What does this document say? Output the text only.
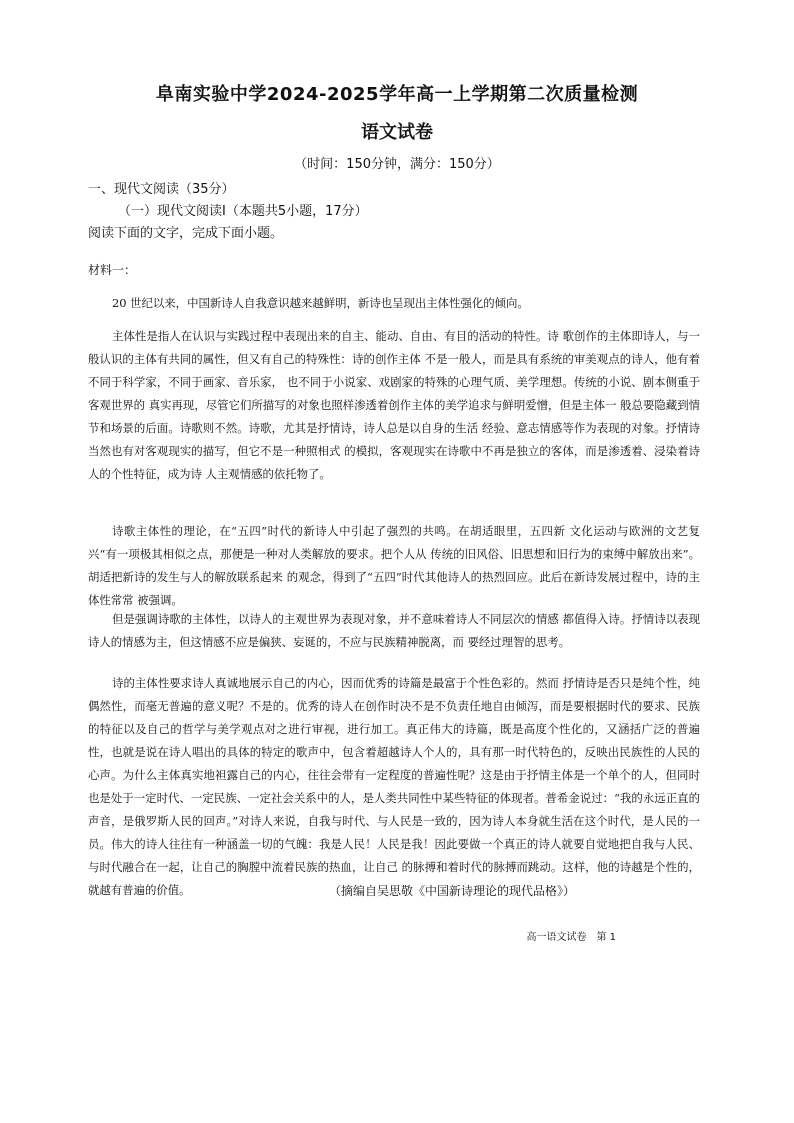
阜南实验中学2024-2025学年高一上学期第二次质量检测
语文试卷
（时间：150分钟，满分：150分）
一、现代文阅读（35分）
（一）现代文阅读Ⅰ（本题共5小题，17分）
阅读下面的文字，完成下面小题。
材料一：

20 世纪以来，中国新诗人自我意识越来越鲜明，新诗也呈现出主体性强化的倾向。

主体性是指人在认识与实践过程中表现出来的自主、能动、自由、有目的活动的特性。诗 歌创作的主体即诗人，与一般认识的主体有共同的属性，但又有自己的特殊性：诗的创作主体 不是一般人，而是具有系统的审美观点的诗人，他有着不同于科学家，不同于画家、音乐家， 也不同于小说家、戏剧家的特殊的心理气质、美学理想。传统的小说、剧本侧重于客观世界的 真实再现，尽管它们所描写的对象也照样渗透着创作主体的美学追求与鲜明爱憎，但是主体一 般总要隐藏到情节和场景的后面。诗歌则不然。诗歌，尤其是抒情诗，诗人总是以自身的生活 经验、意志情感等作为表现的对象。抒情诗当然也有对客观现实的描写，但它不是一种照相式 的模拟，客观现实在诗歌中不再是独立的客体，而是渗透着、浸染着诗人的个性特征，成为诗 人主观情感的依托物了。

诗歌主体性的理论，在“五四”时代的新诗人中引起了强烈的共鸣。在胡适眼里，五四新 文化运动与欧洲的文艺复兴“有一项极其相似之点，那便是一种对人类解放的要求。把个人从 传统的旧风俗、旧思想和旧行为的束缚中解放出来”。胡适把新诗的发生与人的解放联系起来 的观念，得到了“五四”时代其他诗人的热烈回应。此后在新诗发展过程中，诗的主体性常常 被强调。

但是强调诗歌的主体性，以诗人的主观世界为表现对象，并不意味着诗人不同层次的情感 都值得入诗。抒情诗以表现诗人的情感为主，但这情感不应是偏狭、妄诞的，不应与民族精神脱离，而 要经过理智的思考。

诗的主体性要求诗人真诚地展示自己的内心，因而优秀的诗篇是最富于个性色彩的。然而 抒情诗是否只是纯个性，纯偶然性，而毫无普遍的意义呢？不是的。优秀的诗人在创作时决不是不负责任地自由倾泻，而是要根据时代的要求、民族的特征以及自己的哲学与美学观点对之进行审视，进行加工。真正伟大的诗篇，既是高度个性化的，又涵括广泛的普遍性，也就是说在诗人唱出的具体的特定的歌声中，包含着超越诗人个人的，具有那一时代特色的，反映出民族性的人民的心声。为什么主体真实地袒露自己的内心，往往会带有一定程度的普遍性呢？这是由于抒情主体是一个单个的人，但同时也是处于一定时代、一定民族、一定社会关系中的人，是人类共同性中某些特征的体现者。普希金说过：“我的永远正直的声音，是俄罗斯人民的回声。”对诗人来说，自我与时代、与人民是一致的，因为诗人本身就生活在这个时代，是人民的一员。伟大的诗人往往有一种涵盖一切的气魄：我是人民！人民是我！因此要做一个真正的诗人就要自觉地把自我与人民、与时代融合在一起，让自己的胸膛中流着民族的热血，让自己 的脉搏和着时代的脉搏而跳动。这样，他的诗越是个性的，就越有普遍的价值。	（摘编自吴思敬《中国新诗理论的现代品格》）
高一语文试卷　第 1
